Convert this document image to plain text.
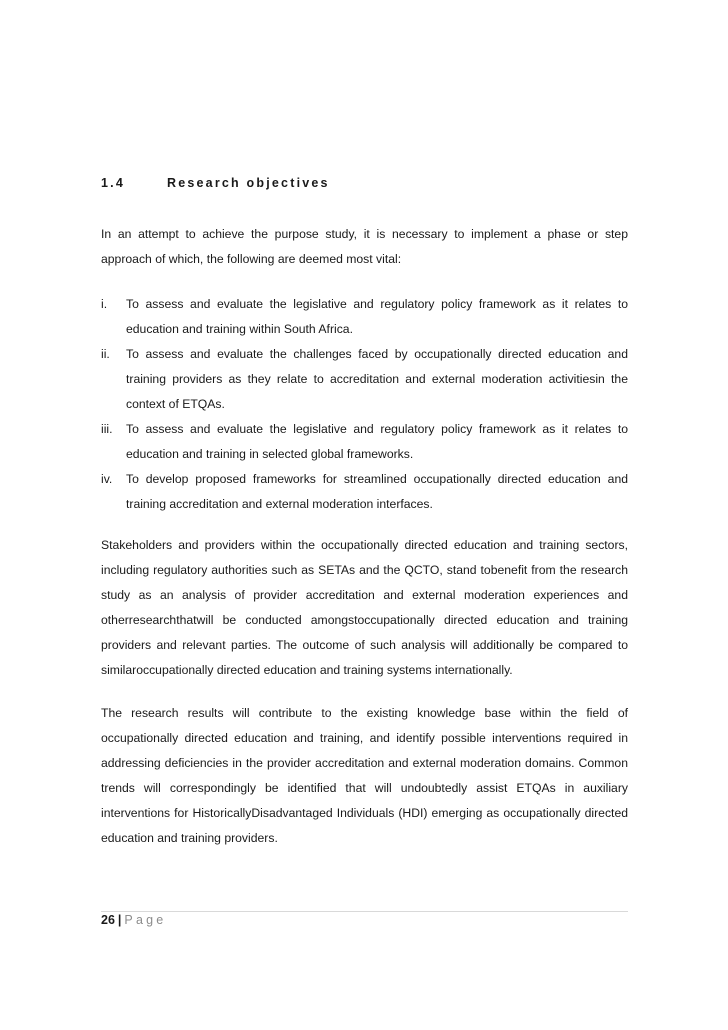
1.4	Research objectives

In an attempt to achieve the purpose study, it is necessary to implement a phase or step approach of which, the following are deemed most vital:

i. To assess and evaluate the legislative and regulatory policy framework as it relates to education and training within South Africa.
ii. To assess and evaluate the challenges faced by occupationally directed education and training providers as they relate to accreditation and external moderation activitiesin the context of ETQAs.
iii. To assess and evaluate the legislative and regulatory policy framework as it relates to education and training in selected global frameworks.
iv. To develop proposed frameworks for streamlined occupationally directed education and training accreditation and external moderation interfaces.

Stakeholders and providers within the occupationally directed education and training sectors, including regulatory authorities such as SETAs and the QCTO, stand tobenefit from the research study as an analysis of provider accreditation and external moderation experiences and otherresearchthatwill be conducted amongstoccupationally directed education and training providers and relevant parties. The outcome of such analysis will additionally be compared to similaroccupationally directed education and training systems internationally.

The research results will contribute to the existing knowledge base within the field of occupationally directed education and training, and identify possible interventions required in addressing deficiencies in the provider accreditation and external moderation domains. Common trends will correspondingly be identified that will undoubtedly assist ETQAs in auxiliary interventions for HistoricallyDisadvantaged Individuals (HDI) emerging as occupationally directed education and training providers.

26 | Page
